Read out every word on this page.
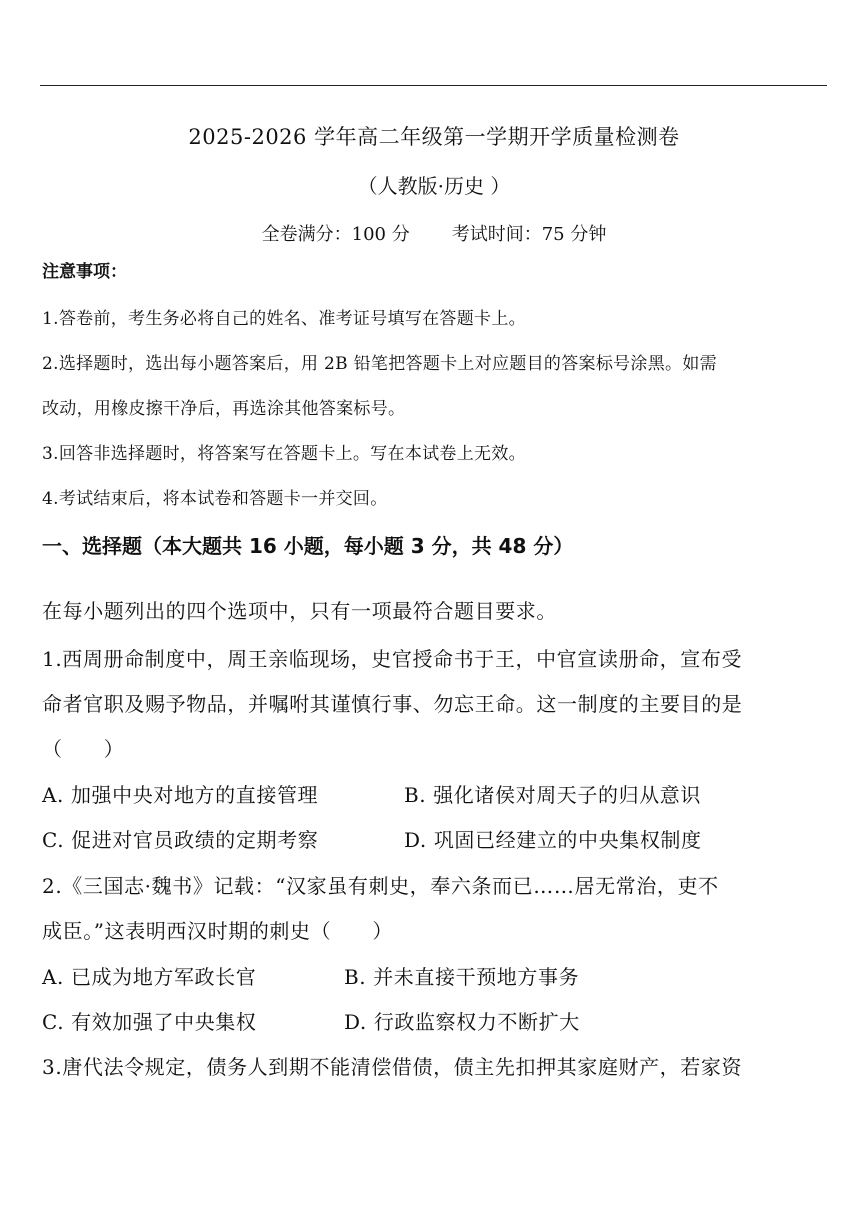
2025-2026 学年高二年级第一学期开学质量检测卷
（人教版·历史 ）
全卷满分：100 分 考试时间：75 分钟
注意事项：
1.答卷前，考生务必将自己的姓名、准考证号填写在答题卡上。
2.选择题时，选出每小题答案后，用 2B 铅笔把答题卡上对应题目的答案标号涂黑。如需
改动，用橡皮擦干净后，再选涂其他答案标号。
3.回答非选择题时，将答案写在答题卡上。写在本试卷上无效。
4.考试结束后，将本试卷和答题卡一并交回。
一、选择题（本大题共 16 小题，每小题 3 分，共 48 分）
在每小题列出的四个选项中，只有一项最符合题目要求。
1.西周册命制度中，周王亲临现场，史官授命书于王，中官宣读册命，宣布受
命者官职及赐予物品，并嘱咐其谨慎行事、勿忘王命。这一制度的主要目的是
（　　）
A. 加强中央对地方的直接管理	B. 强化诸侯对周天子的归从意识
C. 促进对官员政绩的定期考察	D. 巩固已经建立的中央集权制度
2.《三国志·魏书》记载：“汉家虽有刺史，奉六条而已……居无常治，吏不
成臣。”这表明西汉时期的刺史（　　）
A. 已成为地方军政长官	B. 并未直接干预地方事务
C. 有效加强了中央集权	D. 行政监察权力不断扩大
3.唐代法令规定，债务人到期不能清偿借债，债主先扣押其家庭财产，若家资
